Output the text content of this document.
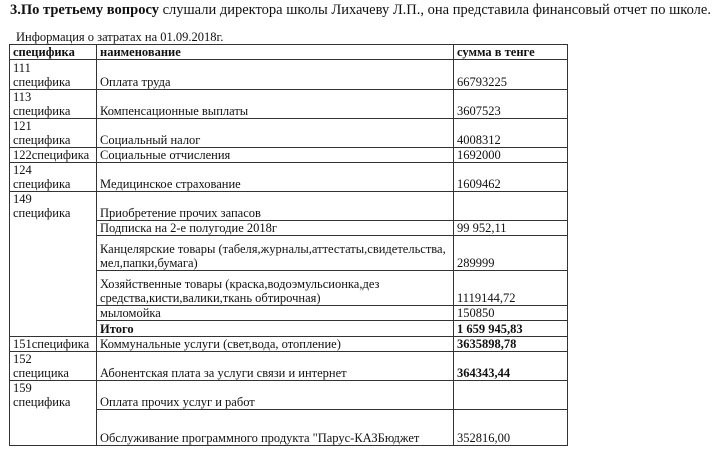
3.По третьему вопросу слушали директора школы Лихачеву Л.П., она представила финансовый отчет по школе.
Информация о затратах на 01.09.2018г.
специфика	наименование	сумма в тенге

111
специфика	Оплата труда	66793225

113
специфика	Компенсационные выплаты	3607523

121
специфика	Социальный налог	4008312
122специфика	Социальные отчисления	1692000

124
специфика	Медицинское страхование	1609462

149
специфика	Приобретение прочих запасов	
	Подписка на 2-е полугодие 2018г	99 952,11
	Канцелярские товары (табеля,журналы,аттестаты,свидетельства, мел,папки,бумага)	289999
	Хозяйственные товары (краска,водоэмульсионка,дез средства,кисти,валики,ткань обтирочная)	1119144,72
	мыломойка	150850
	Итого	1 659 945,83
151специфика	Коммунальные услуги (свет,вода, отопление)	3635898,78

152
специцика	Абонентская плата за услуги связи и интернет	364343,44

159
специфика	Оплата прочих услуг и работ	
	Обслуживание программного продукта "Парус-КАЗБюджет	352816,00
